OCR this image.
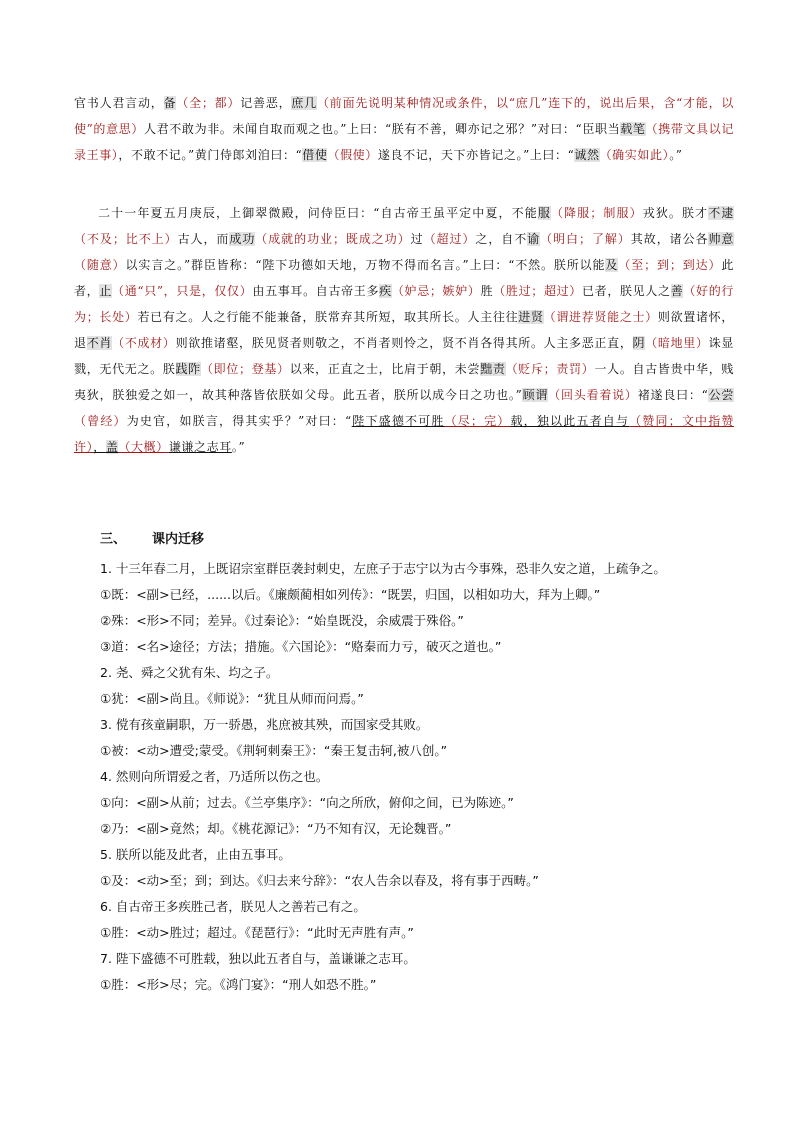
官书人君言动，备（全；都）记善恶，庶几（前面先说明某种情况或条件，以“庶几”连下的，说出后果，含“才能，以使”的意思）人君不敢为非。未闻自取而观之也。”上曰：“朕有不善，卿亦记之邪？”对曰：“臣职当载笔（携带文具以记录王事），不敢不记。”黄门侍郎刘洎曰：“借使（假使）遂良不记，天下亦皆记之。”上曰：“诚然（确实如此）。”

二十一年夏五月庚辰，上御翠微殿，问侍臣曰：“自古帝王虽平定中夏，不能服（降服；制服）戎狄。朕才不逮（不及；比不上）古人，而成功（成就的功业；既成之功）过（超过）之，自不谕（明白；了解）其故，诸公各帅意（随意）以实言之。”群臣皆称：“陛下功德如天地，万物不得而名言。”上曰：“不然。朕所以能及（至；到；到达）此者，止（通“只”，只是，仅仅）由五事耳。自古帝王多疾（妒忌；嫉妒）胜（胜过；超过）已者，朕见人之善（好的行为；长处）若已有之。人之行能不能兼备，朕常弃其所短，取其所长。人主往往进贤（谓进荐贤能之士）则欲置诸怀，退不肖（不成材）则欲推诸壑，朕见贤者则敬之，不肖者则怜之，贤不肖各得其所。人主多恶正直，阴（暗地里）诛显戮，无代无之。朕践阼（即位；登基）以来，正直之士，比肩于朝，未尝黜责（贬斥；责罚）一人。自古皆贵中华，贱夷狄，朕独爱之如一，故其种落皆依朕如父母。此五者，朕所以成今日之功也。”顾谓（回头看着说）褚遂良曰：“公尝（曾经）为史官，如朕言，得其实乎？”对曰：“陛下盛德不可胜（尽；完）载，独以此五者自与（赞同；文中指赞许），盖（大概）谦谦之志耳。”

三、 课内迁移
1. 十三年春二月，上既诏宗室群臣袭封刺史，左庶子于志宁以为古今事殊，恐非久安之道，上疏争之。
①既：<副>已经，......以后。《廉颇蔺相如列传》：“既罢，归国，以相如功大，拜为上卿。”
②殊：<形>不同；差异。《过秦论》：“始皇既没，余威震于殊俗。”
③道：<名>途径；方法；措施。《六国论》：“赂秦而力亏，破灭之道也。”
2. 尧、舜之父犹有朱、均之子。
①犹：<副>尚且。《师说》：“犹且从师而问焉。”
3. 傥有孩童嗣职，万一骄愚，兆庶被其殃，而国家受其败。
①被：<动>遭受;蒙受。《荆轲刺秦王》：“秦王复击轲,被八创。”
4. 然则向所谓爱之者，乃适所以伤之也。
①向：<副>从前；过去。《兰亭集序》：“向之所欣，俯仰之间，已为陈迹。”
②乃：<副>竟然；却。《桃花源记》：“乃不知有汉，无论魏晋。”
5. 朕所以能及此者，止由五事耳。
①及：<动>至；到；到达。《归去来兮辞》：“农人告余以春及，将有事于西畴。”
6. 自古帝王多疾胜己者，朕见人之善若己有之。
①胜：<动>胜过；超过。《琵琶行》：“此时无声胜有声。”
7. 陛下盛德不可胜载，独以此五者自与，盖谦谦之志耳。
①胜：<形>尽；完。《鸿门宴》：“刑人如恐不胜。”
